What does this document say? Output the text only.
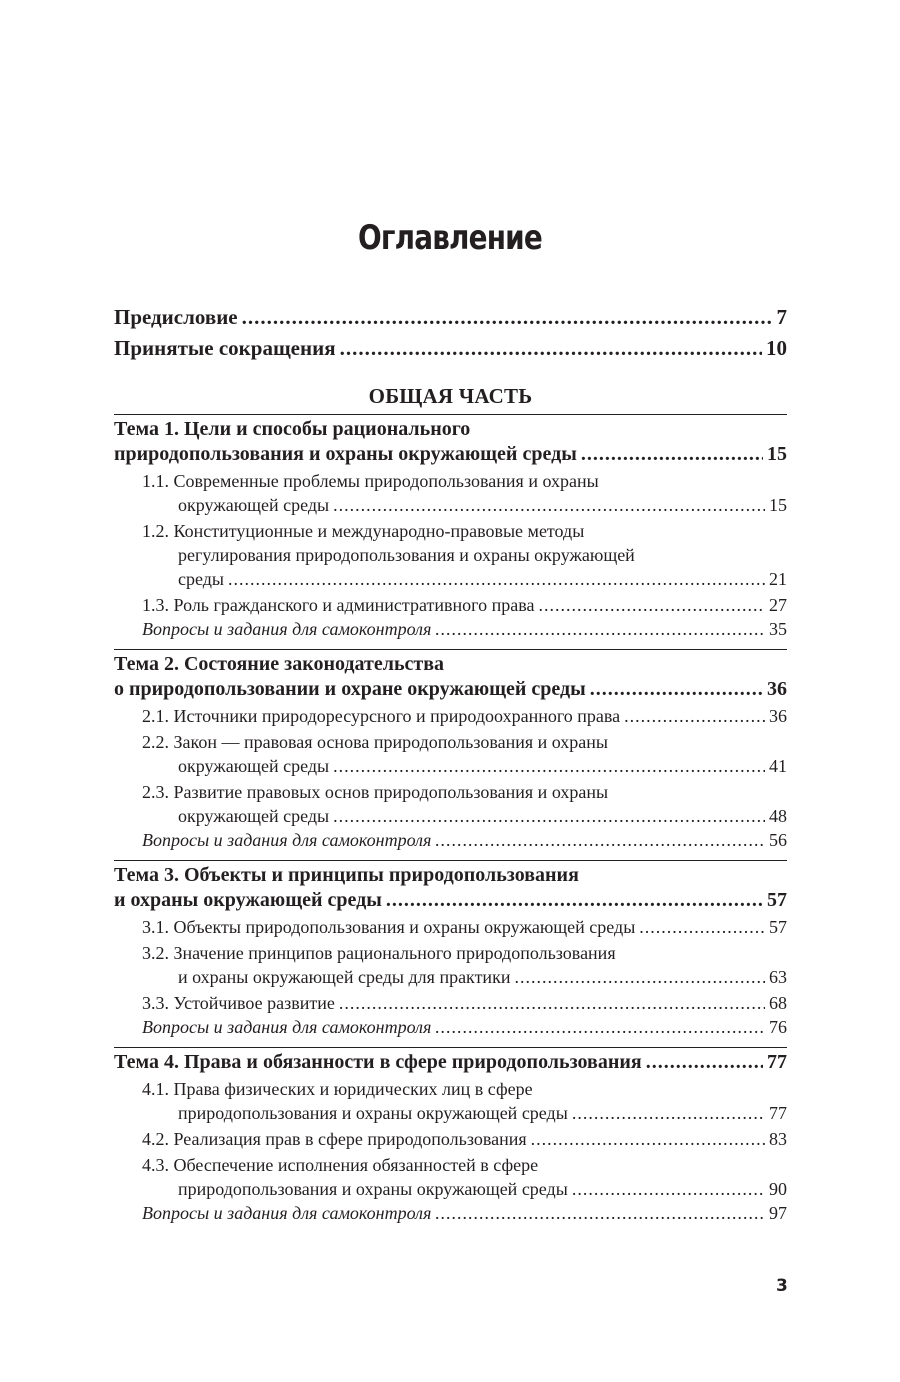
Оглавление
Предисловие .....	7
Принятые сокращения .....	10
ОБЩАЯ ЧАСТЬ
Тема 1. Цели и способы рационального
природопользования и охраны окружающей среды .....	15
1.1. Современные проблемы природопользования и охраны
окружающей среды .....	15
1.2. Конституционные и международно-правовые методы
регулирования природопользования и охраны окружающей
среды .....	21
1.3. Роль гражданского и административного права .....	27
Вопросы и задания для самоконтроля .....	35
Тема 2. Состояние законодательства
о природопользовании и охране окружающей среды .....	36
2.1. Источники природоресурсного и природоохранного права .....	36
2.2. Закон — правовая основа природопользования и охраны
окружающей среды .....	41
2.3. Развитие правовых основ природопользования и охраны
окружающей среды .....	48
Вопросы и задания для самоконтроля .....	56
Тема 3. Объекты и принципы природопользования
и охраны окружающей среды .....	57
3.1. Объекты природопользования и охраны окружающей среды .....	57
3.2. Значение принципов рационального природопользования
и охраны окружающей среды для практики .....	63
3.3. Устойчивое развитие .....	68
Вопросы и задания для самоконтроля .....	76
Тема 4. Права и обязанности в сфере природопользования .....	77
4.1. Права физических и юридических лиц в сфере
природопользования и охраны окружающей среды .....	77
4.2. Реализация прав в сфере природопользования .....	83
4.3. Обеспечение исполнения обязанностей в сфере
природопользования и охраны окружающей среды .....	90
Вопросы и задания для самоконтроля .....	97
3
